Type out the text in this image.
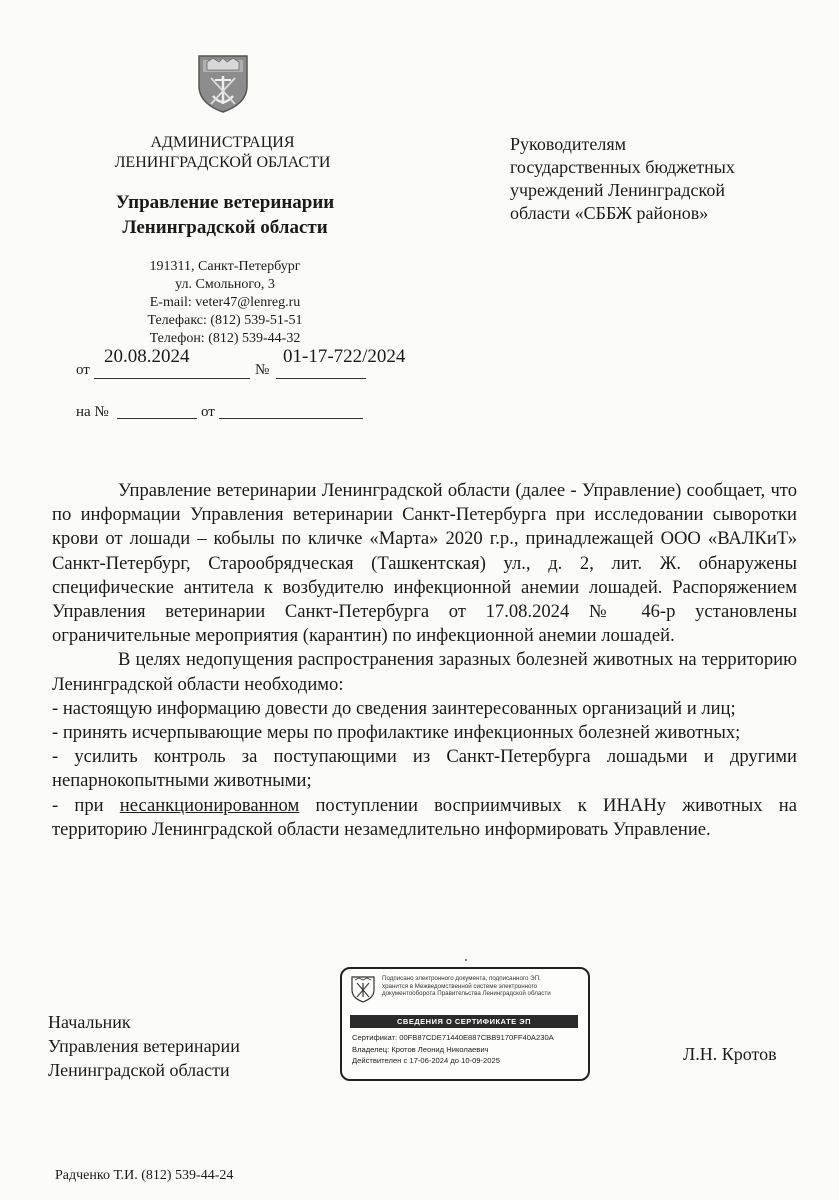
АДМИНИСТРАЦИЯ
ЛЕНИНГРАДСКОЙ ОБЛАСТИ
Управление ветеринарии
Ленинградской области
191311, Санкт-Петербург
ул. Смольного, 3
E-mail: veter47@lenreg.ru
Телефакс: (812) 539-51-51
Телефон: (812) 539-44-32
от
20.08.2024
№
01-17-722/2024
на №	от
Руководителям
государственных бюджетных
учреждений Ленинградской
области «СББЖ районов»

Управление ветеринарии Ленинградской области (далее - Управление) сообщает, что по информации Управления ветеринарии Санкт-Петербурга при исследовании сыворотки крови от лошади – кобылы по кличке «Марта» 2020 г.р., принадлежащей ООО «ВАЛКиТ» Санкт-Петербург, Старообрядческая (Ташкентская) ул., д. 2, лит. Ж. обнаружены специфические антитела к возбудителю инфекционной анемии лошадей. Распоряжением Управления ветеринарии Санкт-Петербурга от 17.08.2024 № 46-р установлены ограничительные мероприятия (карантин) по инфекционной анемии лошадей.

В целях недопущения распространения заразных болезней животных на территорию Ленинградской области необходимо:

- настоящую информацию довести до сведения заинтересованных организаций и лиц;

- принять исчерпывающие меры по профилактике инфекционных болезней животных;

- усилить контроль за поступающими из Санкт-Петербурга лошадьми и другими непарнокопытными животными;

- при несанкционированном поступлении восприимчивых к ИНАНу животных на территорию Ленинградской области незамедлительно информировать Управление.

Начальник
Управления ветеринарии
Ленинградской области
Подписано электронного документа, подписанного ЭП,
хранится в Межведомственной системе электронного
документооборота Правительства Ленинградской области
СВЕДЕНИЯ О СЕРТИФИКАТЕ ЭП
Сертификат: 00FB87CDE71440E887CBB9170FF40A230A
Владелец: Кротов Леонид Николаевич
Действителен с 17-06-2024 до 10-09-2025	Л.Н. Кротов
Радченко Т.И. (812) 539-44-24
